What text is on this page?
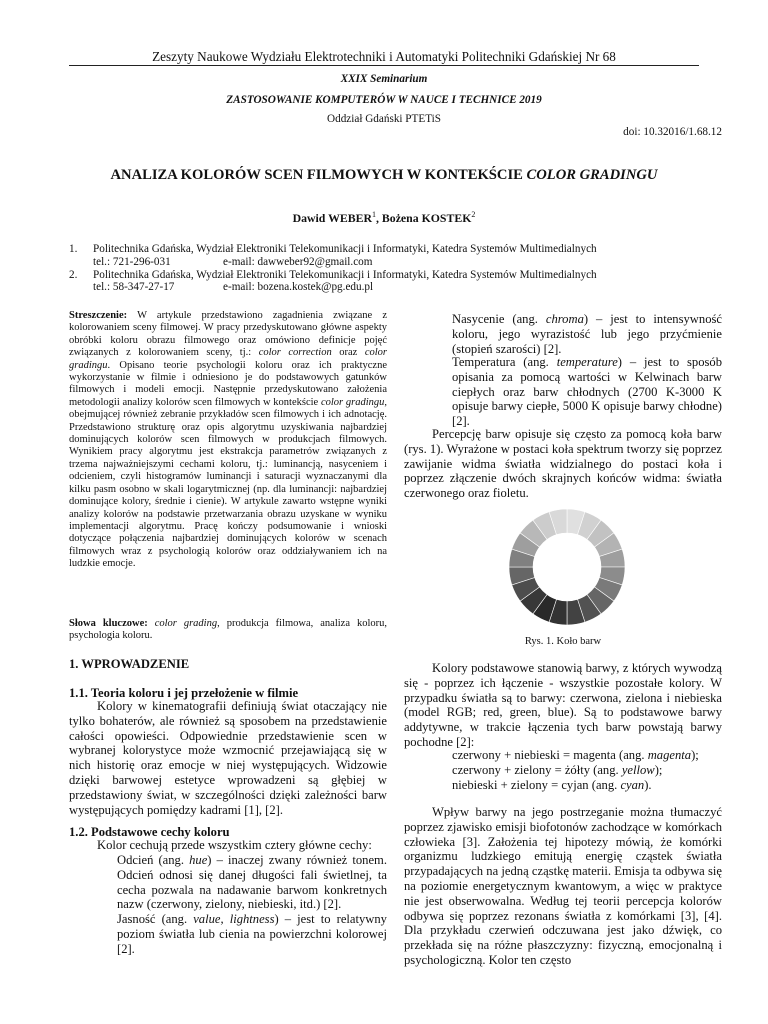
Zeszyty Naukowe Wydziału Elektrotechniki i Automatyki Politechniki Gdańskiej Nr 68
XXIX Seminarium
ZASTOSOWANIE KOMPUTERÓW W NAUCE I TECHNICE 2019
Oddział Gdański PTETiS
doi: 10.32016/1.68.12
ANALIZA KOLORÓW SCEN FILMOWYCH W KONTEKŚCIE COLOR GRADINGU
Dawid WEBER$^1$, Bożena KOSTEK$^2$
1.	Politechnika Gdańska, Wydział Elektroniki Telekomunikacji i Informatyki, Katedra Systemów Multimedialnych
tel.: 721-296-031	e-mail: dawweber92@gmail.com
2.	Politechnika Gdańska, Wydział Elektroniki Telekomunikacji i Informatyki, Katedra Systemów Multimedialnych
tel.: 58-347-27-17	e-mail: bozena.kostek@pg.edu.pl
Streszczenie: W artykule przedstawiono zagadnienia związane z kolorowaniem sceny filmowej. W pracy przedyskutowano główne aspekty obróbki koloru obrazu filmowego oraz omówiono definicje pojęć związanych z kolorowaniem sceny, tj.: color correction oraz color gradingu. Opisano teorie psychologii koloru oraz ich praktyczne wykorzystanie w filmie i odniesiono je do podstawowych gatunków filmowych i modeli emocji. Następnie przedyskutowano założenia metodologii analizy kolorów scen filmowych w kontekście color gradingu, obejmującej również zebranie przykładów scen filmowych i ich adnotację. Przedstawiono strukturę oraz opis algorytmu uzyskiwania najbardziej dominujących kolorów scen filmowych w produkcjach filmowych. Wynikiem pracy algorytmu jest ekstrakcja parametrów związanych z trzema najważniejszymi cechami koloru, tj.: luminancją, nasyceniem i odcieniem, czyli histogramów luminancji i saturacji wyznaczanymi dla kilku pasm osobno w skali logarytmicznej (np. dla luminancji: najbardziej dominujące kolory, średnie i cienie). W artykule zawarto wstępne wyniki analizy kolorów na podstawie przetwarzania obrazu uzyskane w wyniku implementacji algorytmu. Pracę kończy podsumowanie i wnioski dotyczące połączenia najbardziej dominujących kolorów w scenach filmowych wraz z psychologią kolorów oraz oddziaływaniem ich na ludzkie emocje.
Słowa kluczowe: color grading, produkcja filmowa, analiza koloru, psychologia koloru.
1. WPROWADZENIE
1.1. Teoria koloru i jej przełożenie w filmie
Kolory w kinematografii definiują świat otaczający nie tylko bohaterów, ale również są sposobem na przedstawienie całości opowieści. Odpowiednie przedstawienie scen w wybranej kolorystyce może wzmocnić przejawiającą się w nich historię oraz emocje w niej występujących. Widzowie dzięki barwowej estetyce wprowadzeni są głębiej w przedstawiony świat, w szczególności dzięki zależności barw występujących pomiędzy kadrami [1], [2].
1.2. Podstawowe cechy koloru
Kolor cechują przede wszystkim cztery główne cechy:
Odcień (ang. hue) – inaczej zwany również tonem. Odcień odnosi się danej długości fali świetlnej, ta cecha pozwala na nadawanie barwom konkretnych nazw (czerwony, zielony, niebieski, itd.) [2].
Jasność (ang. value, lightness) – jest to relatywny poziom światła lub cienia na powierzchni kolorowej [2].
Nasycenie (ang. chroma) – jest to intensywność koloru, jego wyrazistość lub jego przyćmienie (stopień szarości) [2].
Temperatura (ang. temperature) – jest to sposób opisania za pomocą wartości w Kelwinach barw ciepłych oraz barw chłodnych (2700 K-3000 K opisuje barwy ciepłe, 5000 K opisuje barwy chłodne) [2].
Percepcję barw opisuje się często za pomocą koła barw (rys. 1). Wyrażone w postaci koła spektrum tworzy się poprzez zawijanie widma światła widzialnego do postaci koła i poprzez złączenie dwóch skrajnych końców widma: światła czerwonego oraz fioletu.
Rys. 1. Koło barw
Kolory podstawowe stanowią barwy, z których wywodzą się - poprzez ich łączenie - wszystkie pozostałe kolory. W przypadku światła są to barwy: czerwona, zielona i niebieska (model RGB; red, green, blue). Są to podstawowe barwy addytywne, w trakcie łączenia tych barw powstają barwy pochodne [2]:
czerwony + niebieski = magenta (ang. magenta);
czerwony + zielony = żółty (ang. yellow);
niebieski + zielony = cyjan (ang. cyan).
Wpływ barwy na jego postrzeganie można tłumaczyć poprzez zjawisko emisji biofotonów zachodzące w komórkach człowieka [3]. Założenia tej hipotezy mówią, że komórki organizmu ludzkiego emitują energię cząstek światła przypadających na jedną cząstkę materii. Emisja ta odbywa się na poziomie energetycznym kwantowym, a więc w praktyce nie jest obserwowalna. Według tej teorii percepcja kolorów odbywa się poprzez rezonans światła z komórkami [3], [4]. Dla przykładu czerwień odczuwana jest jako dźwięk, co przekłada się na różne płaszczyzny: fizyczną, emocjonalną i psychologiczną. Kolor ten często
